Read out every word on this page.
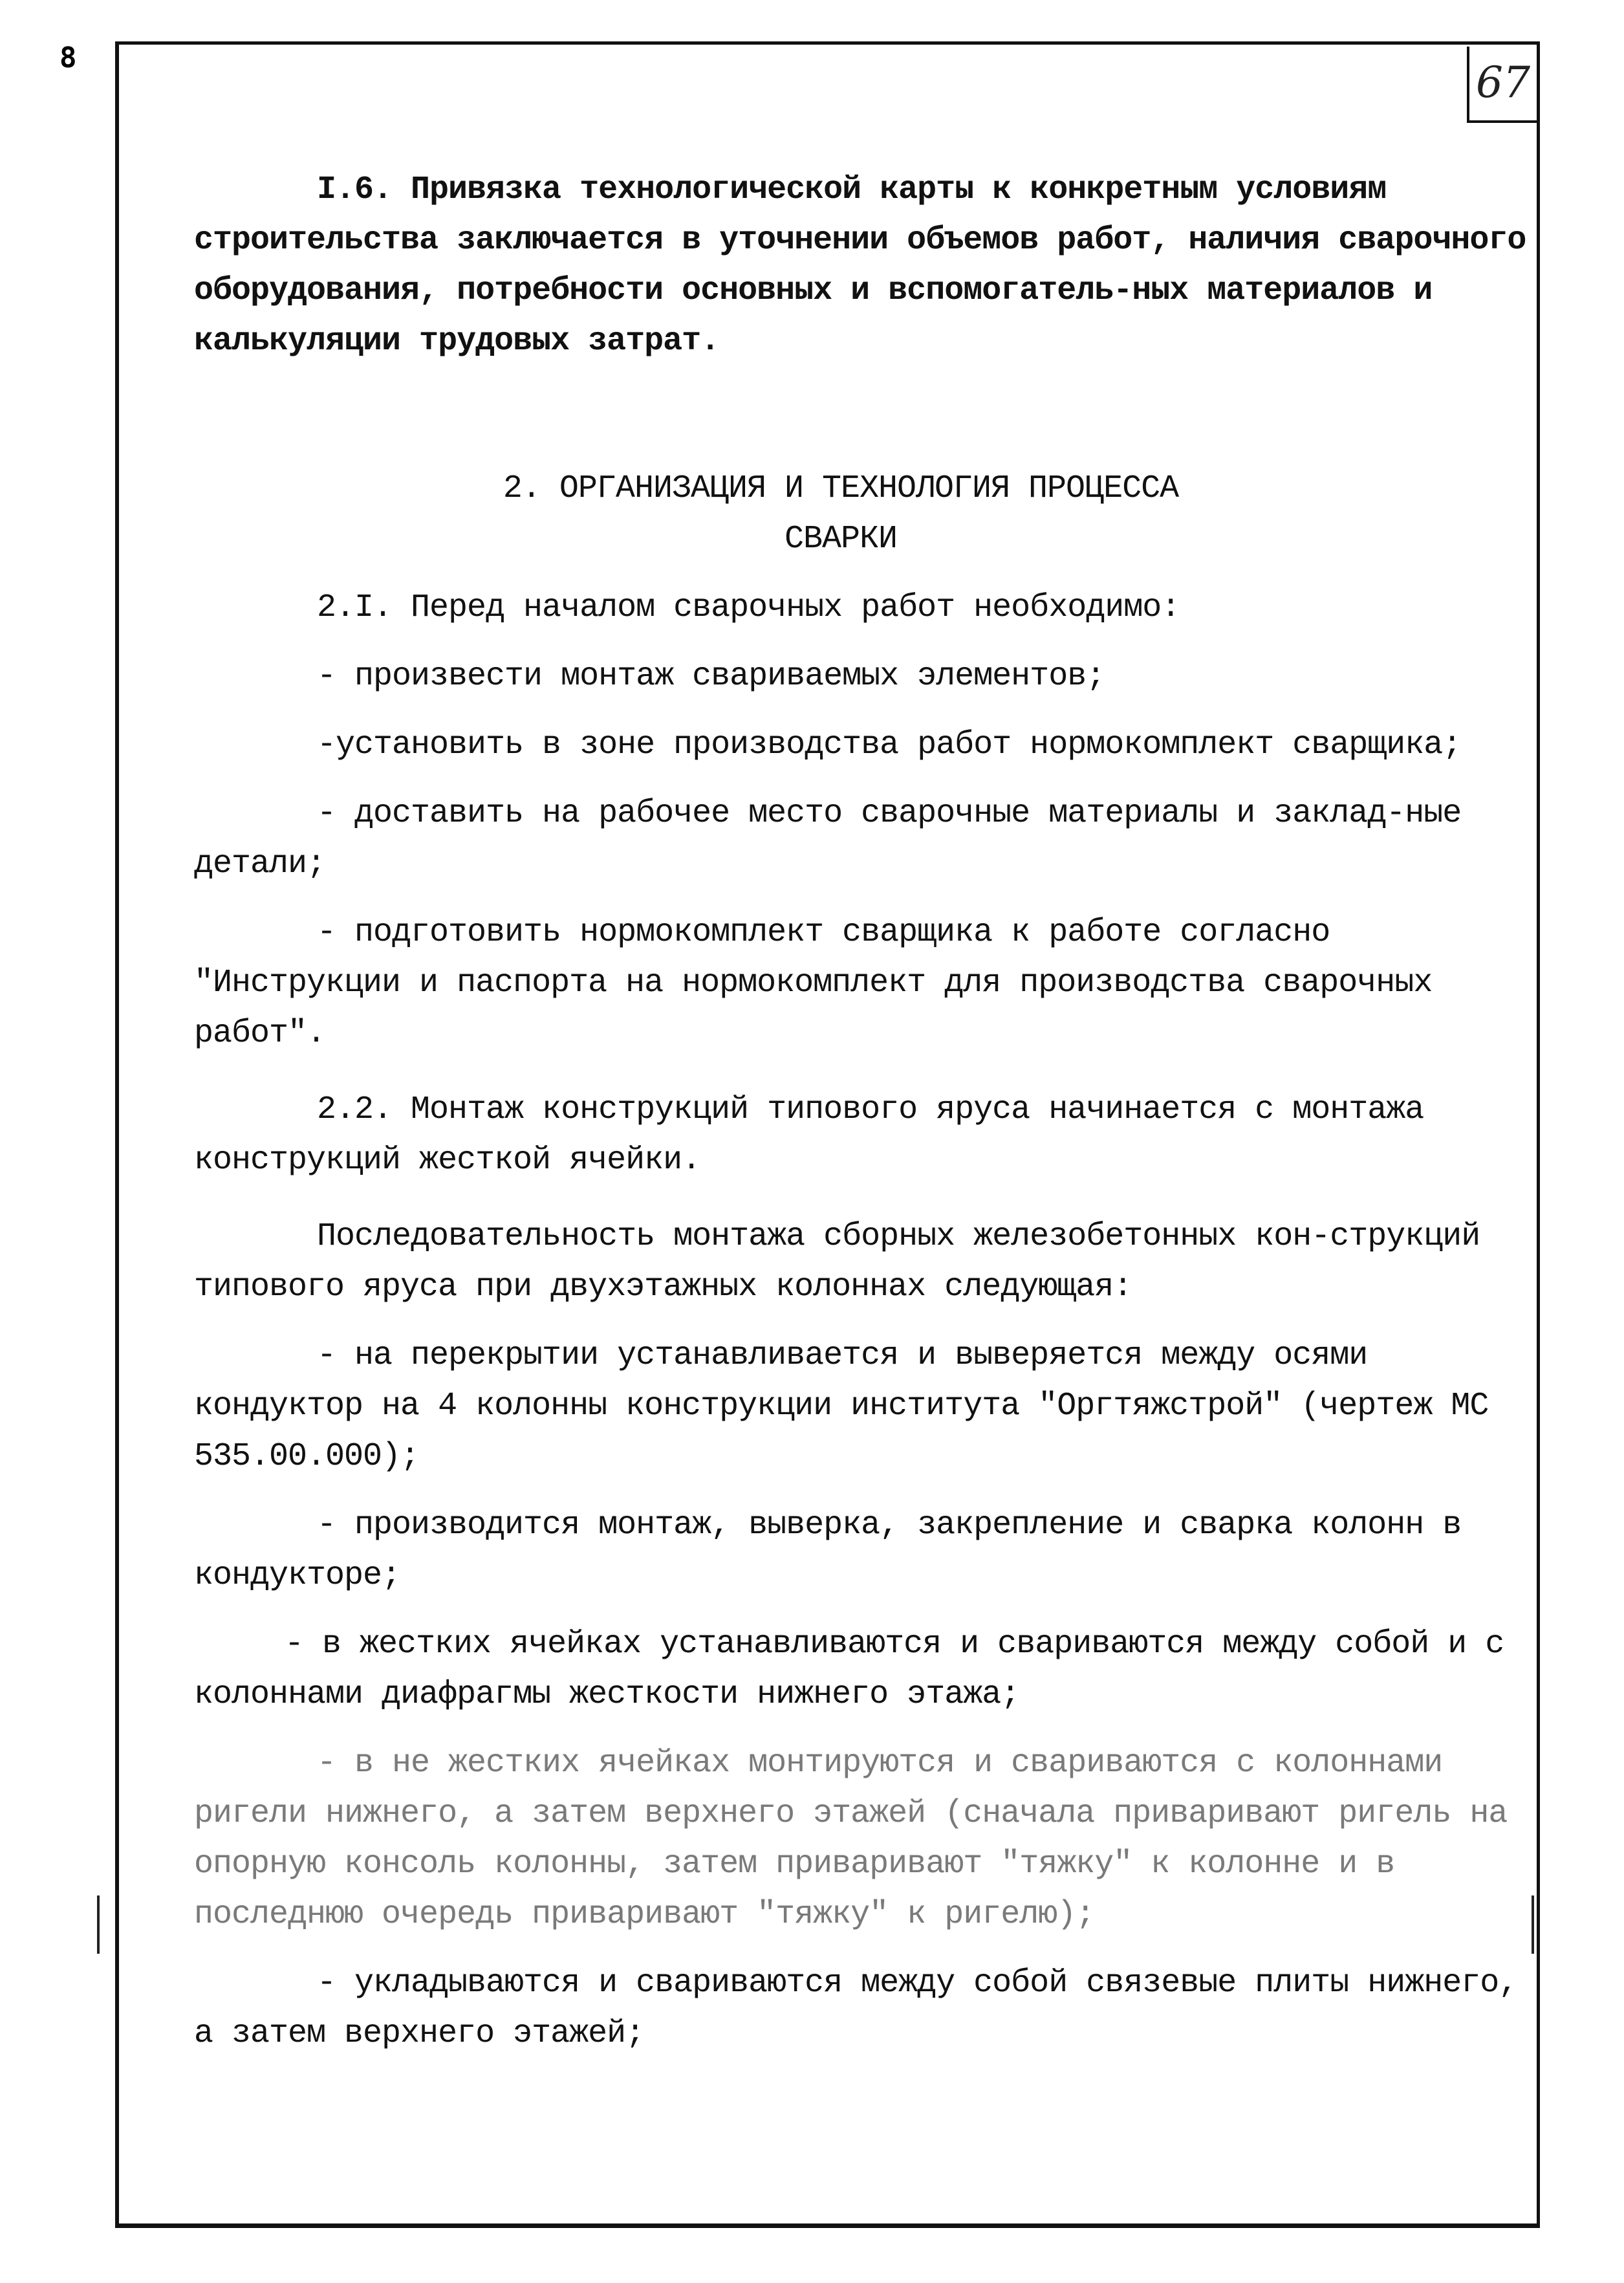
8	67

I.6. Привязка технологической карты к конкретным условиям строительства заключается в уточнении объемов работ, наличия сварочного оборудования, потребности основных и вспомогатель-ных материалов и калькуляции трудовых затрат.

2. ОРГАНИЗАЦИЯ И ТЕХНОЛОГИЯ ПРОЦЕССА
СВАРКИ

2.I. Перед началом сварочных работ необходимо:

- произвести монтаж свариваемых элементов;

-установить в зоне производства работ нормокомплект сварщика;

- доставить на рабочее место сварочные материалы и заклад-ные детали;

- подготовить нормокомплект сварщика к работе согласно "Инструкции и паспорта на нормокомплект для производства сварочных работ".

2.2. Монтаж конструкций типового яруса начинается с монтажа конструкций жесткой ячейки.

Последовательность монтажа сборных железобетонных кон-струкций типового яруса при двухэтажных колоннах следующая:

- на перекрытии устанавливается и выверяется между осями кондуктор на 4 колонны конструкции института "Оргтяжстрой" (чертеж МС 535.00.000);

- производится монтаж, выверка, закрепление и сварка колонн в кондукторе;

- в жестких ячейках устанавливаются и свариваются между собой и с колоннами диафрагмы жесткости нижнего этажа;

- в не жестких ячейках монтируются и свариваются с колоннами ригели нижнего, а затем верхнего этажей (сначала приваривают ригель на опорную консоль колонны, затем приваривают "тяжку" к колонне и в последнюю очередь приваривают "тяжку" к ригелю);

- укладываются и свариваются между собой связевые плиты нижнего, а затем верхнего этажей;
